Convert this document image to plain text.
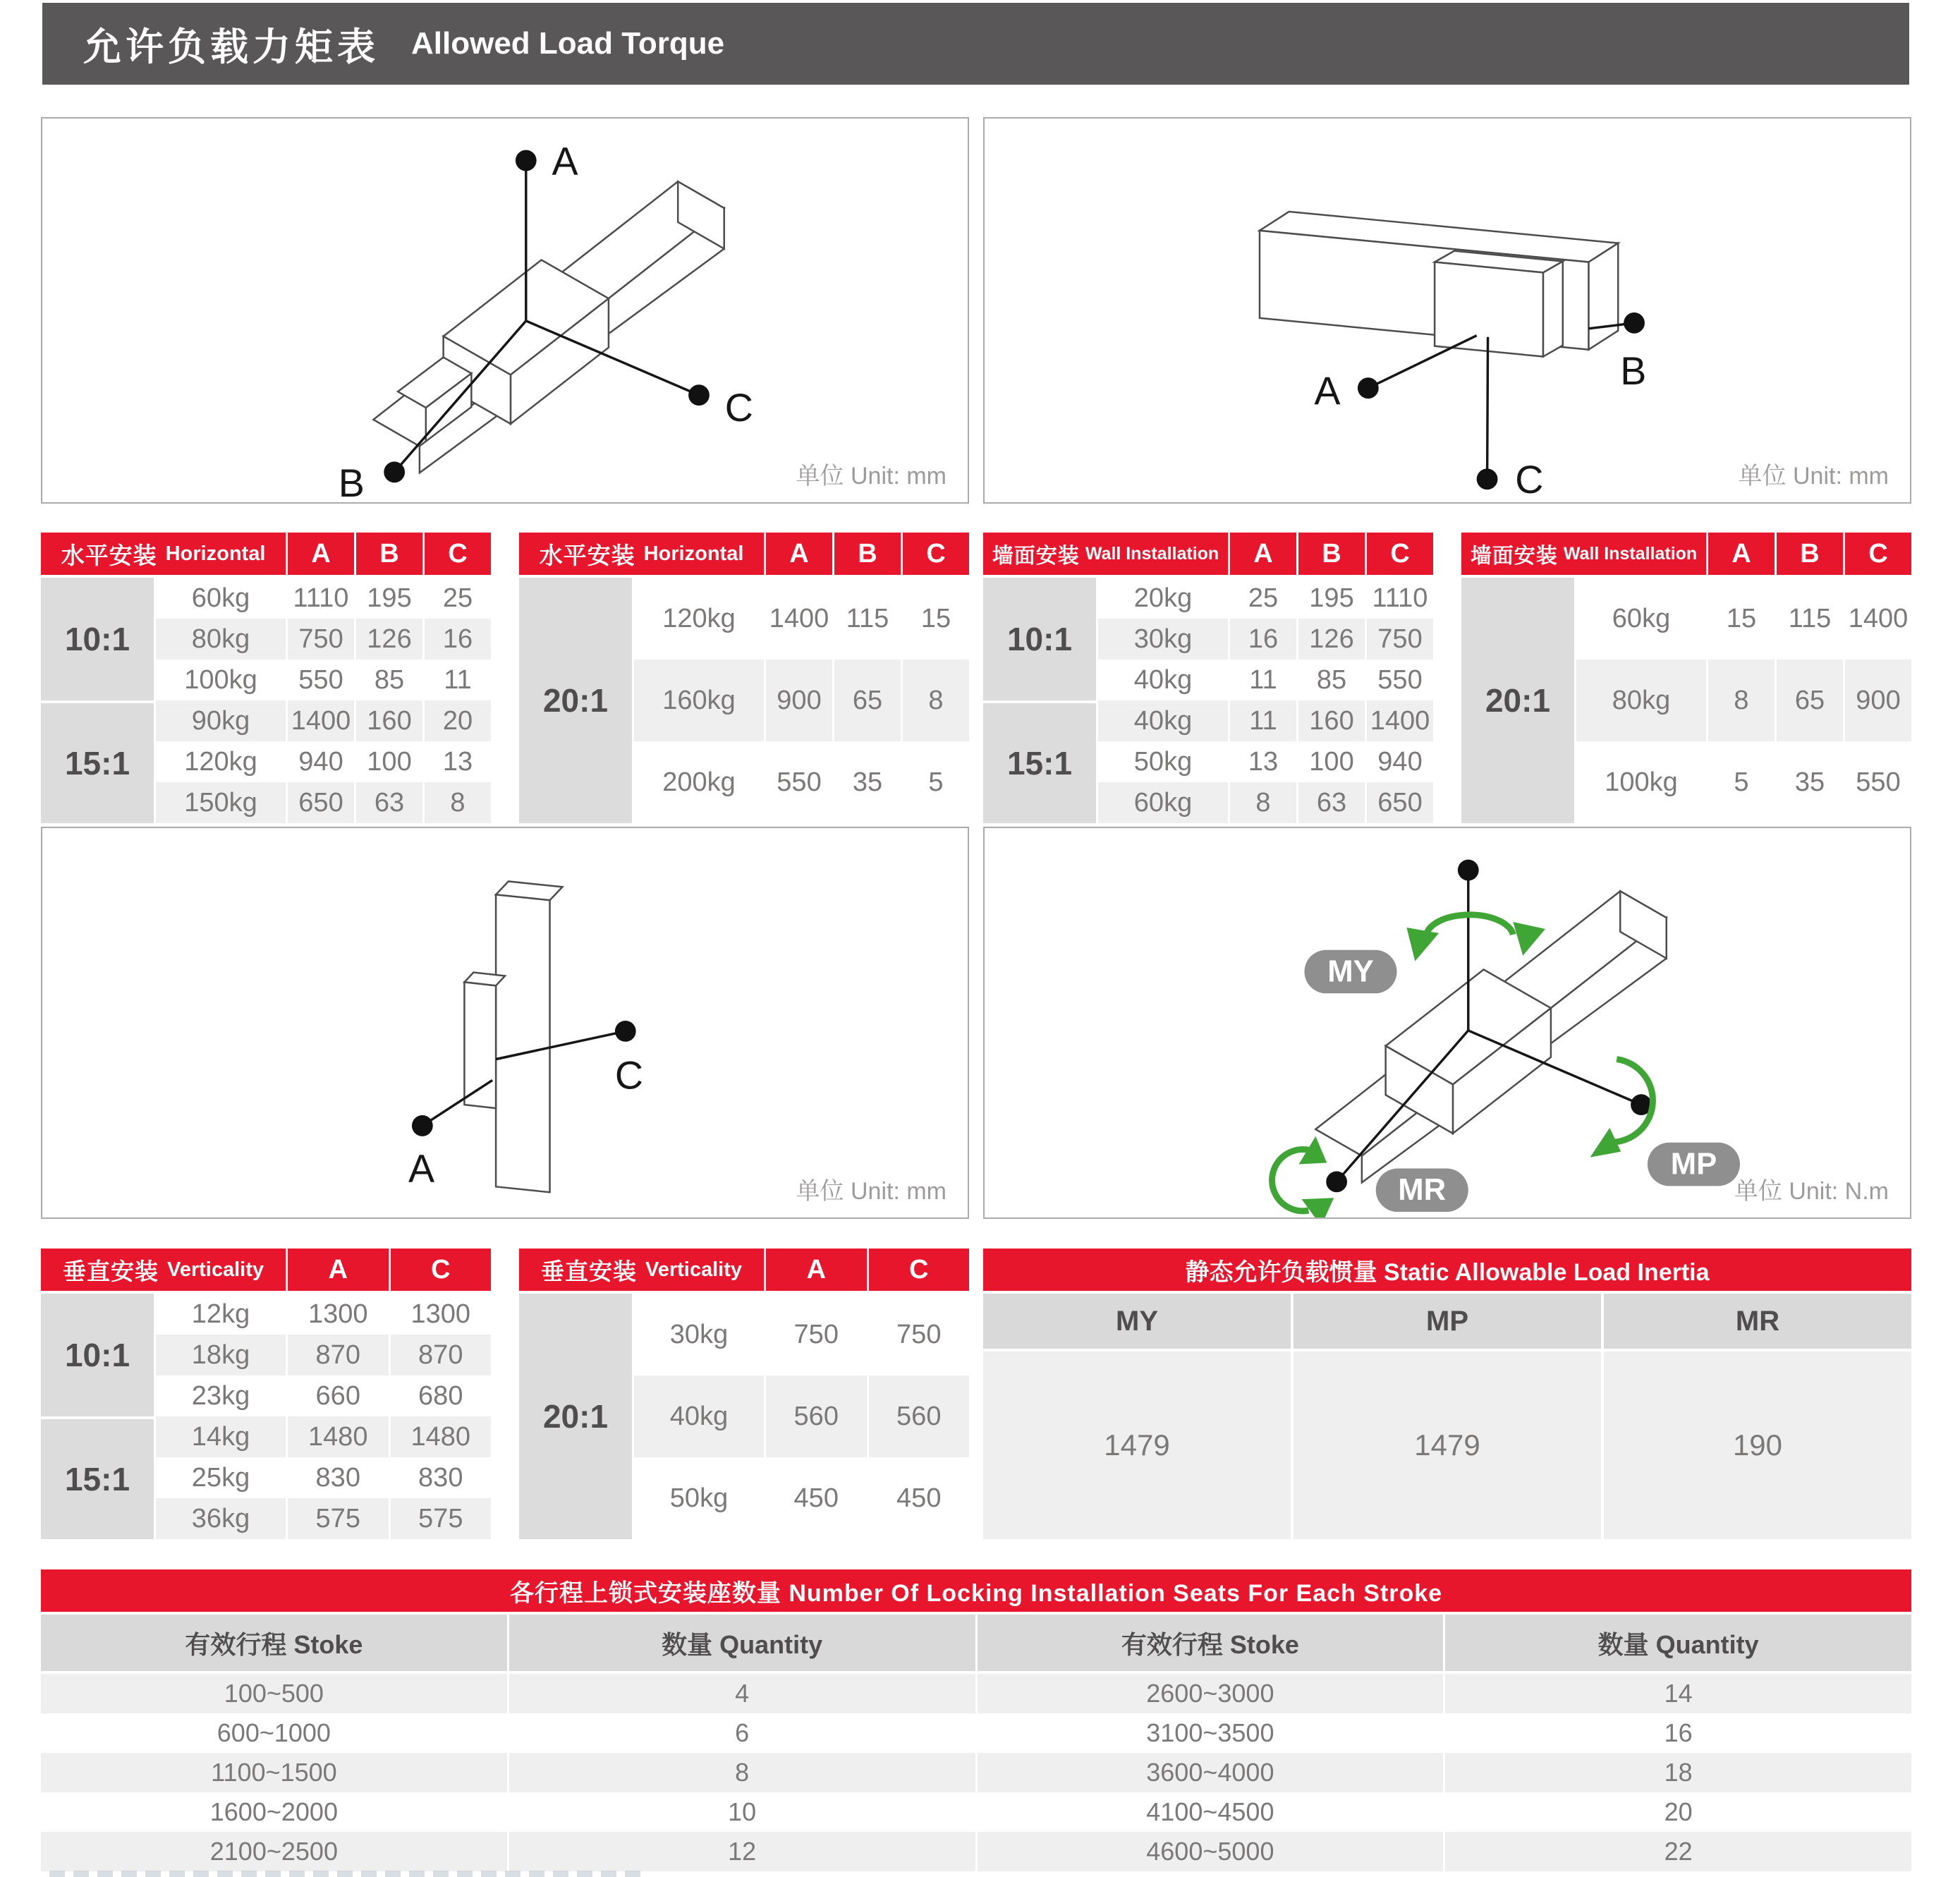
允许负载力矩表 Allowed Load Torque
A
C
B	单位 Unit: mm
A	B
C	单位 Unit: mm
水平安装 Horizontal	A	B	C
10:1
60kg	1110 195	25
80kg	750 126	16
100kg	550	85	11
15:1
90kg	1400 160	20
120kg	940 100	13
150kg	650	63	8
水平安装 Horizontal	A	B	C
20:1
120kg	1400 115	15
160kg	900	65	8
200kg	550	35	5
墙面安装 Wall Installation	A	B	C
10:1
20kg	25	195 1110
30kg	16	126 750
40kg	11	85	550
15:1
40kg	11	160 1400
50kg	13	100 940
60kg	8	63	650
墙面安装 Wall Installation	A	B	C
20:1
60kg	15	115 1400
80kg	8	65	900
100kg	5	35	550
C
A
单位 Unit: mm
MY
MP
MR	单位 Unit: N.m
垂直安装 Verticality	A	C
10:1
12kg	1300	1300
18kg	870	870
23kg	660	680
15:1
14kg	1480	1480
25kg	830	830
36kg	575	575
垂直安装 Verticality	A	C
20:1
30kg	750	750
40kg	560	560
50kg	450	450
静态允许负载惯量 Static Allowable Load Inertia
MY	MP	MR
1479	1479	190
各行程上锁式安装座数量 Number Of Locking Installation Seats For Each Stroke
有效行程 Stoke	数量 Quantity	有效行程 Stoke	数量 Quantity
100~500	4	2600~3000	14
600~1000	6	3100~3500	16
1100~1500	8	3600~4000	18
1600~2000	10	4100~4500	20
2100~2500	12	4600~5000	22
